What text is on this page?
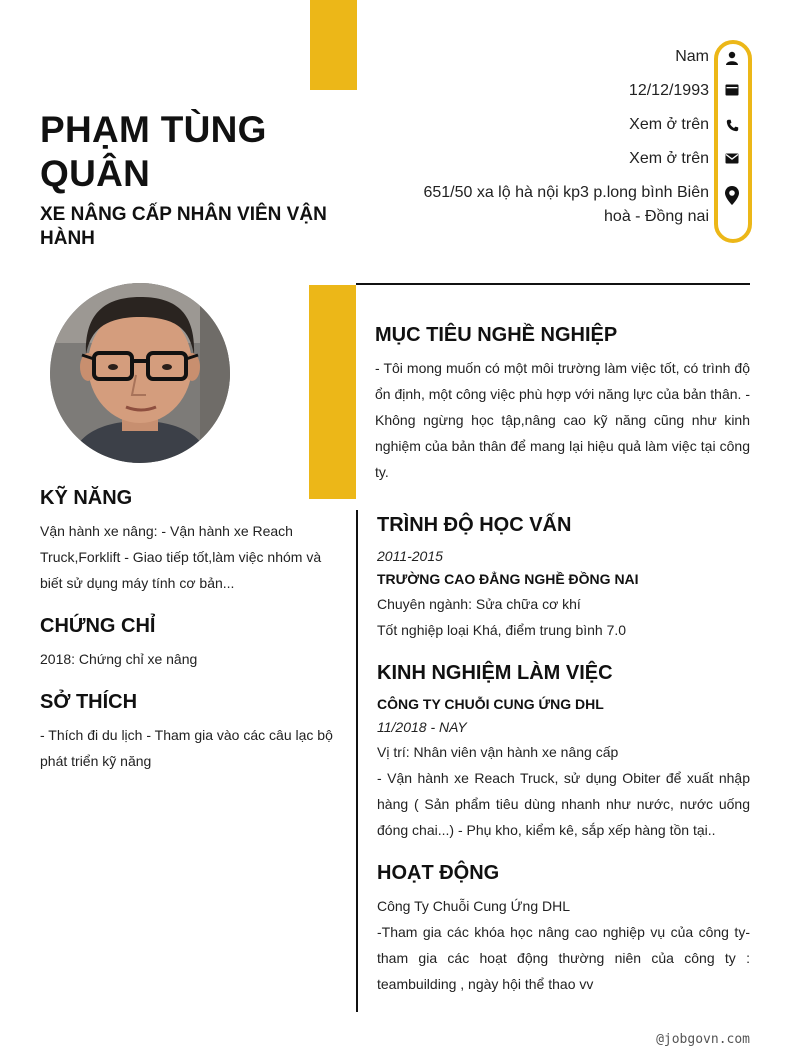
PHẠM TÙNG QUÂN
XE NÂNG CẤP NHÂN VIÊN VẬN HÀNH
Nam
12/12/1993
Xem ở trên
Xem ở trên
651/50 xa lộ hà nội kp3 p.long bình Biên hoà - Đồng nai
KỸ NĂNG
Vận hành xe nâng: - Vận hành xe Reach Truck,Forklift - Giao tiếp tốt,làm việc nhóm và biết sử dụng máy tính cơ bản...
CHỨNG CHỈ
2018: Chứng chỉ xe nâng
SỞ THÍCH
- Thích đi du lịch - Tham gia vào các câu lạc bộ phát triển kỹ năng
MỤC TIÊU NGHỀ NGHIỆP
- Tôi mong muốn có một môi trường làm việc tốt, có trình độ ổn định, một công việc phù hợp với năng lực của bản thân. - Không ngừng học tập,nâng cao kỹ năng cũng như kinh nghiệm của bản thân để mang lại hiệu quả làm việc tại công ty.
TRÌNH ĐỘ HỌC VẤN
2011-2015
TRƯỜNG CAO ĐẲNG NGHỀ ĐỒNG NAI
Chuyên ngành: Sửa chữa cơ khí
Tốt nghiệp loại Khá, điểm trung bình 7.0
KINH NGHIỆM LÀM VIỆC
CÔNG TY CHUỖI CUNG ỨNG DHL
11/2018 - NAY
Vị trí: Nhân viên vận hành xe nâng cấp
- Vận hành xe Reach Truck, sử dụng Obiter để xuất nhập hàng ( Sản phẩm tiêu dùng nhanh như nước, nước uống đóng chai...) - Phụ kho, kiểm kê, sắp xếp hàng tồn tại..
HOẠT ĐỘNG
Công Ty Chuỗi Cung Ứng DHL
-Tham gia các khóa học nâng cao nghiệp vụ của công ty- tham gia các hoạt động thường niên của công ty : teambuilding , ngày hội thể thao vv
@jobgovn.com
